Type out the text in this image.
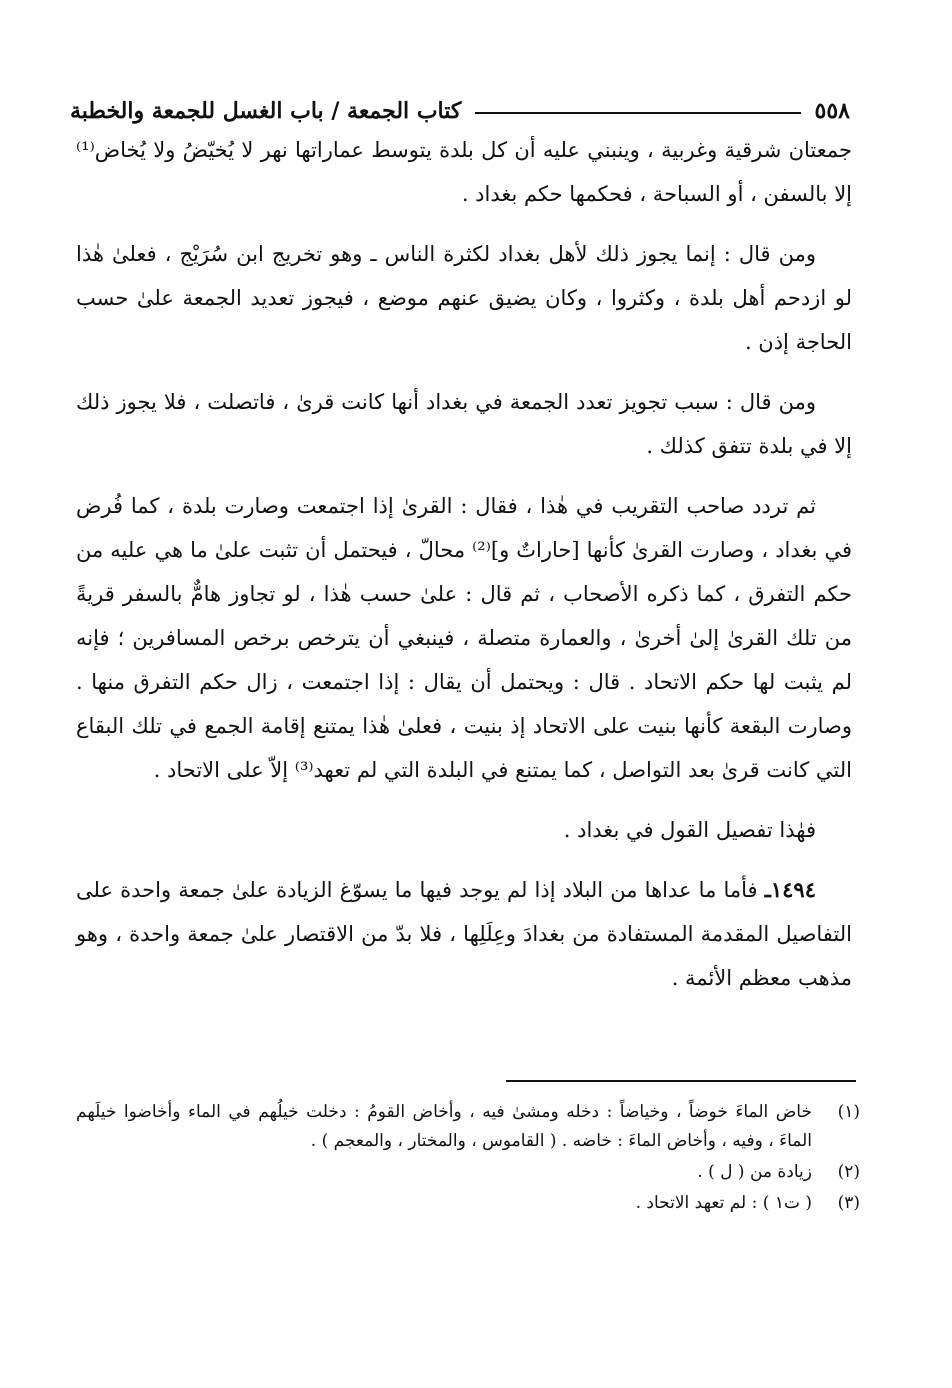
٥٥٨
كتاب الجمعة / باب الغسل للجمعة والخطبة

جمعتان شرقية وغربية ، وينبني عليه أن كل بلدة يتوسط عماراتها نهر لا يُخيّضُ ولا يُخاض⁽¹⁾ إلا بالسفن ، أو السباحة ، فحكمها حكم بغداد .

ومن قال : إنما يجوز ذلك لأهل بغداد لكثرة الناس ـ وهو تخريج ابن سُرَيْج ، فعلىٰ هٰذا لو ازدحم أهل بلدة ، وكثروا ، وكان يضيق عنهم موضع ، فيجوز تعديد الجمعة علىٰ حسب الحاجة إذن .

ومن قال : سبب تجويز تعدد الجمعة في بغداد أنها كانت قرىٰ ، فاتصلت ، فلا يجوز ذلك إلا في بلدة تتفق كذلك .

ثم تردد صاحب التقريب في هٰذا ، فقال : القرىٰ إذا اجتمعت وصارت بلدة ، كما فُرض في بغداد ، وصارت القرىٰ كأنها [حاراتٌ و]⁽²⁾ محالّ ، فيحتمل أن تثبت علىٰ ما هي عليه من حكم التفرق ، كما ذكره الأصحاب ، ثم قال : علىٰ حسب هٰذا ، لو تجاوز هامٌّ بالسفر قريةً من تلك القرىٰ إلىٰ أخرىٰ ، والعمارة متصلة ، فينبغي أن يترخص برخص المسافرين ؛ فإنه لم يثبت لها حكم الاتحاد . قال : ويحتمل أن يقال : إذا اجتمعت ، زال حكم التفرق منها . وصارت البقعة كأنها بنيت على الاتحاد إذ بنيت ، فعلىٰ هٰذا يمتنع إقامة الجمع في تلك البقاع التي كانت قرىٰ بعد التواصل ، كما يمتنع في البلدة التي لم تعهد⁽³⁾ إلاّ على الاتحاد .

فهٰذا تفصيل القول في بغداد .

١٤٩٤ـ فأما ما عداها من البلاد إذا لم يوجد فيها ما يسوّغ الزيادة علىٰ جمعة واحدة على التفاصيل المقدمة المستفادة من بغدادَ وعِلَلِها ، فلا بدّ من الاقتصار علىٰ جمعة واحدة ، وهو مذهب معظم الأئمة .

(١)
خاض الماءَ خوضاً ، وخياضاً : دخله ومشىٰ فيه ، وأخاض القومُ : دخلت خيلُهم في الماء وأخاضوا خيلَهم الماءَ ، وفيه ، وأخاض الماءَ : خاضه . ( القاموس ، والمختار ، والمعجم ) .
(٢)
زيادة من ( ل ) .
(٣)
( ت١ ) : لم تعهد الاتحاد .
